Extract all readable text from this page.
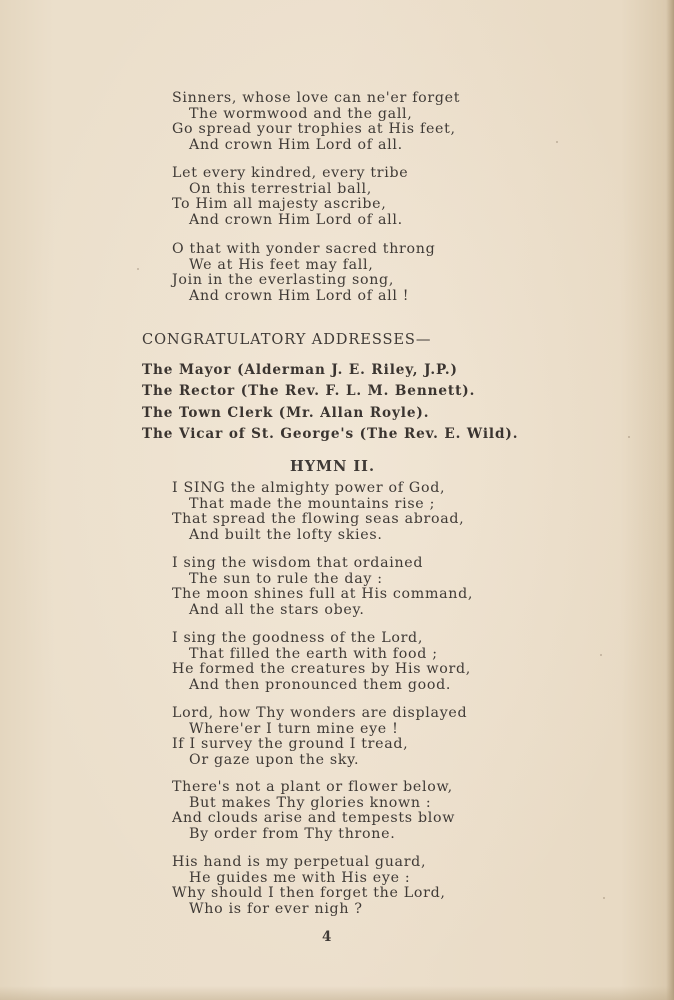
Sinners, whose love can ne'er forget
The wormwood and the gall,
Go spread your trophies at His feet,
And crown Him Lord of all.
Let every kindred, every tribe
On this terrestrial ball,
To Him all majesty ascribe,
And crown Him Lord of all.
O that with yonder sacred throng
We at His feet may fall,
Join in the everlasting song,
And crown Him Lord of all !
CONGRATULATORY ADDRESSES—
The Mayor (Alderman J. E. Riley, J.P.)
The Rector (The Rev. F. L. M. Bennett).
The Town Clerk (Mr. Allan Royle).
The Vicar of St. George's (The Rev. E. Wild).
HYMN II.
I SING the almighty power of God,
That made the mountains rise ;
That spread the flowing seas abroad,
And built the lofty skies.
I sing the wisdom that ordained
The sun to rule the day :
The moon shines full at His command,
And all the stars obey.
I sing the goodness of the Lord,
That filled the earth with food ;
He formed the creatures by His word,
And then pronounced them good.
Lord, how Thy wonders are displayed
Where'er I turn mine eye !
If I survey the ground I tread,
Or gaze upon the sky.
There's not a plant or flower below,
But makes Thy glories known :
And clouds arise and tempests blow
By order from Thy throne.
His hand is my perpetual guard,
He guides me with His eye :
Why should I then forget the Lord,
Who is for ever nigh ?
4
